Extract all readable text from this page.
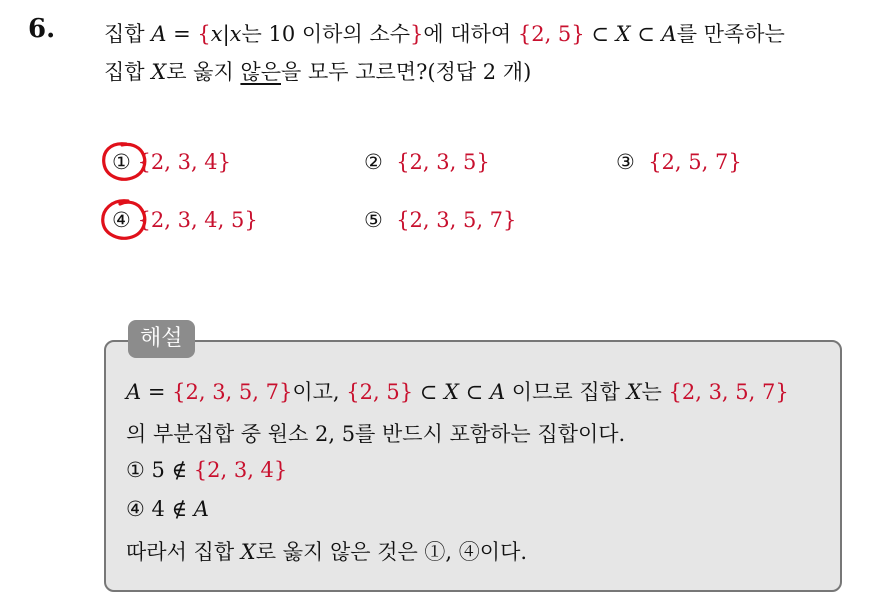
6. 집합 A = {x|x는 10 이하의 소수}에 대하여 {2, 5} ⊂ X ⊂ A를 만족하는
집합 X로 옳지 않은을 모두 고르면?(정답 2 개)
① {2, 3, 4}	② {2, 3, 5}	③ {2, 5, 7}
④ {2, 3, 4, 5}	⑤ {2, 3, 5, 7}
해설
A = {2, 3, 5, 7}이고, {2, 5} ⊂ X ⊂ A 이므로 집합 X는 {2, 3, 5, 7}
의 부분집합 중 원소 2, 5를 반드시 포함하는 집합이다.
① 5 ∉ {2, 3, 4}
④ 4 ∉ A
따라서 집합 X로 옳지 않은 것은 ①, ④이다.
